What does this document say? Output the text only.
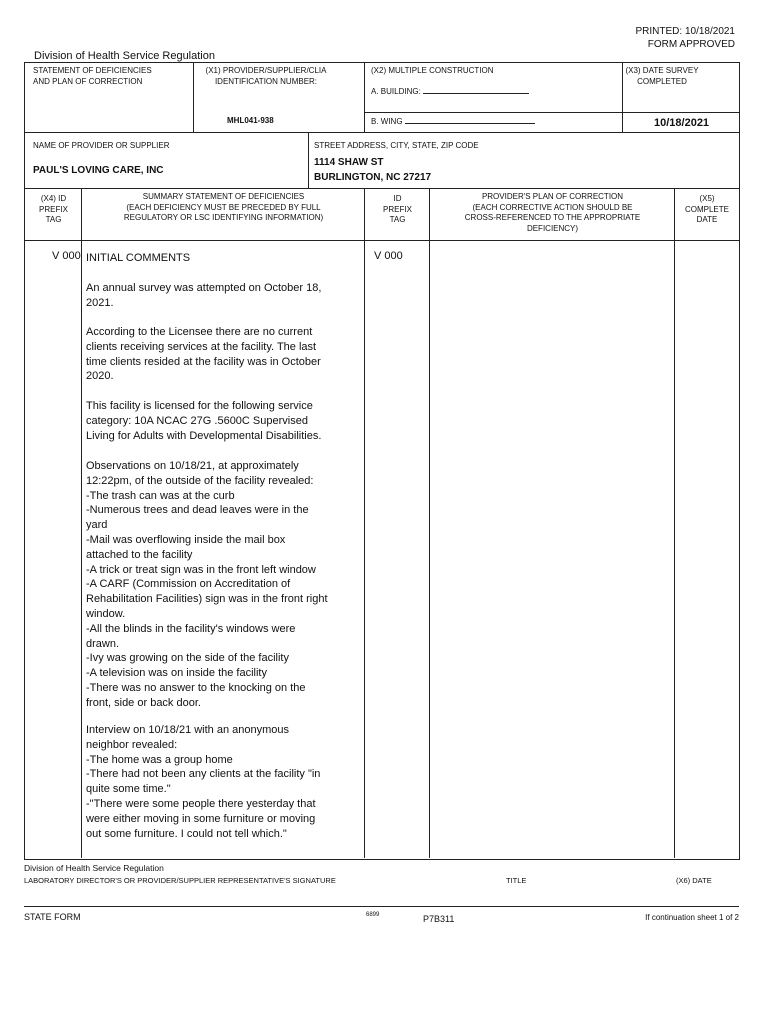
PRINTED: 10/18/2021
FORM APPROVED
Division of Health Service Regulation
STATEMENT OF DEFICIENCIES
AND PLAN OF CORRECTION
(X1) PROVIDER/SUPPLIER/CLIA
IDENTIFICATION NUMBER:
MHL041-938
(X2) MULTIPLE CONSTRUCTION
A. BUILDING:
B. WING
(X3) DATE SURVEY
COMPLETED
10/18/2021
NAME OF PROVIDER OR SUPPLIER
PAUL'S LOVING CARE, INC
STREET ADDRESS, CITY, STATE, ZIP CODE
1114 SHAW ST
BURLINGTON, NC 27217
(X4) ID
PREFIX
TAG
SUMMARY STATEMENT OF DEFICIENCIES
(EACH DEFICIENCY MUST BE PRECEDED BY FULL
REGULATORY OR LSC IDENTIFYING INFORMATION)
ID
PREFIX
TAG
PROVIDER'S PLAN OF CORRECTION
(EACH CORRECTIVE ACTION SHOULD BE
CROSS-REFERENCED TO THE APPROPRIATE
DEFICIENCY)
(X5)
COMPLETE
DATE
V 000	V 000
INITIAL COMMENTS
An annual survey was attempted on October 18,
2021.
According to the Licensee there are no current
clients receiving services at the facility. The last
time clients resided at the facility was in October
2020.
This facility is licensed for the following service
category: 10A NCAC 27G .5600C Supervised
Living for Adults with Developmental Disabilities.
Observations on 10/18/21, at approximately
12:22pm, of the outside of the facility revealed:
-The trash can was at the curb
-Numerous trees and dead leaves were in the
yard
-Mail was overflowing inside the mail box
attached to the facility
-A trick or treat sign was in the front left window
-A CARF (Commission on Accreditation of
Rehabilitation Facilities) sign was in the front right
window.
-All the blinds in the facility's windows were
drawn.
-Ivy was growing on the side of the facility
-A television was on inside the facility
-There was no answer to the knocking on the
front, side or back door.
Interview on 10/18/21 with an anonymous
neighbor revealed:
-The home was a group home
-There had not been any clients at the facility "in
quite some time."
-"There were some people there yesterday that
were either moving in some furniture or moving
out some furniture. I could not tell which."
Division of Health Service Regulation
LABORATORY DIRECTOR'S OR PROVIDER/SUPPLIER REPRESENTATIVE'S SIGNATURE	TITLE	(X6) DATE
STATE FORM	6899	P7B311	If continuation sheet 1 of 2
